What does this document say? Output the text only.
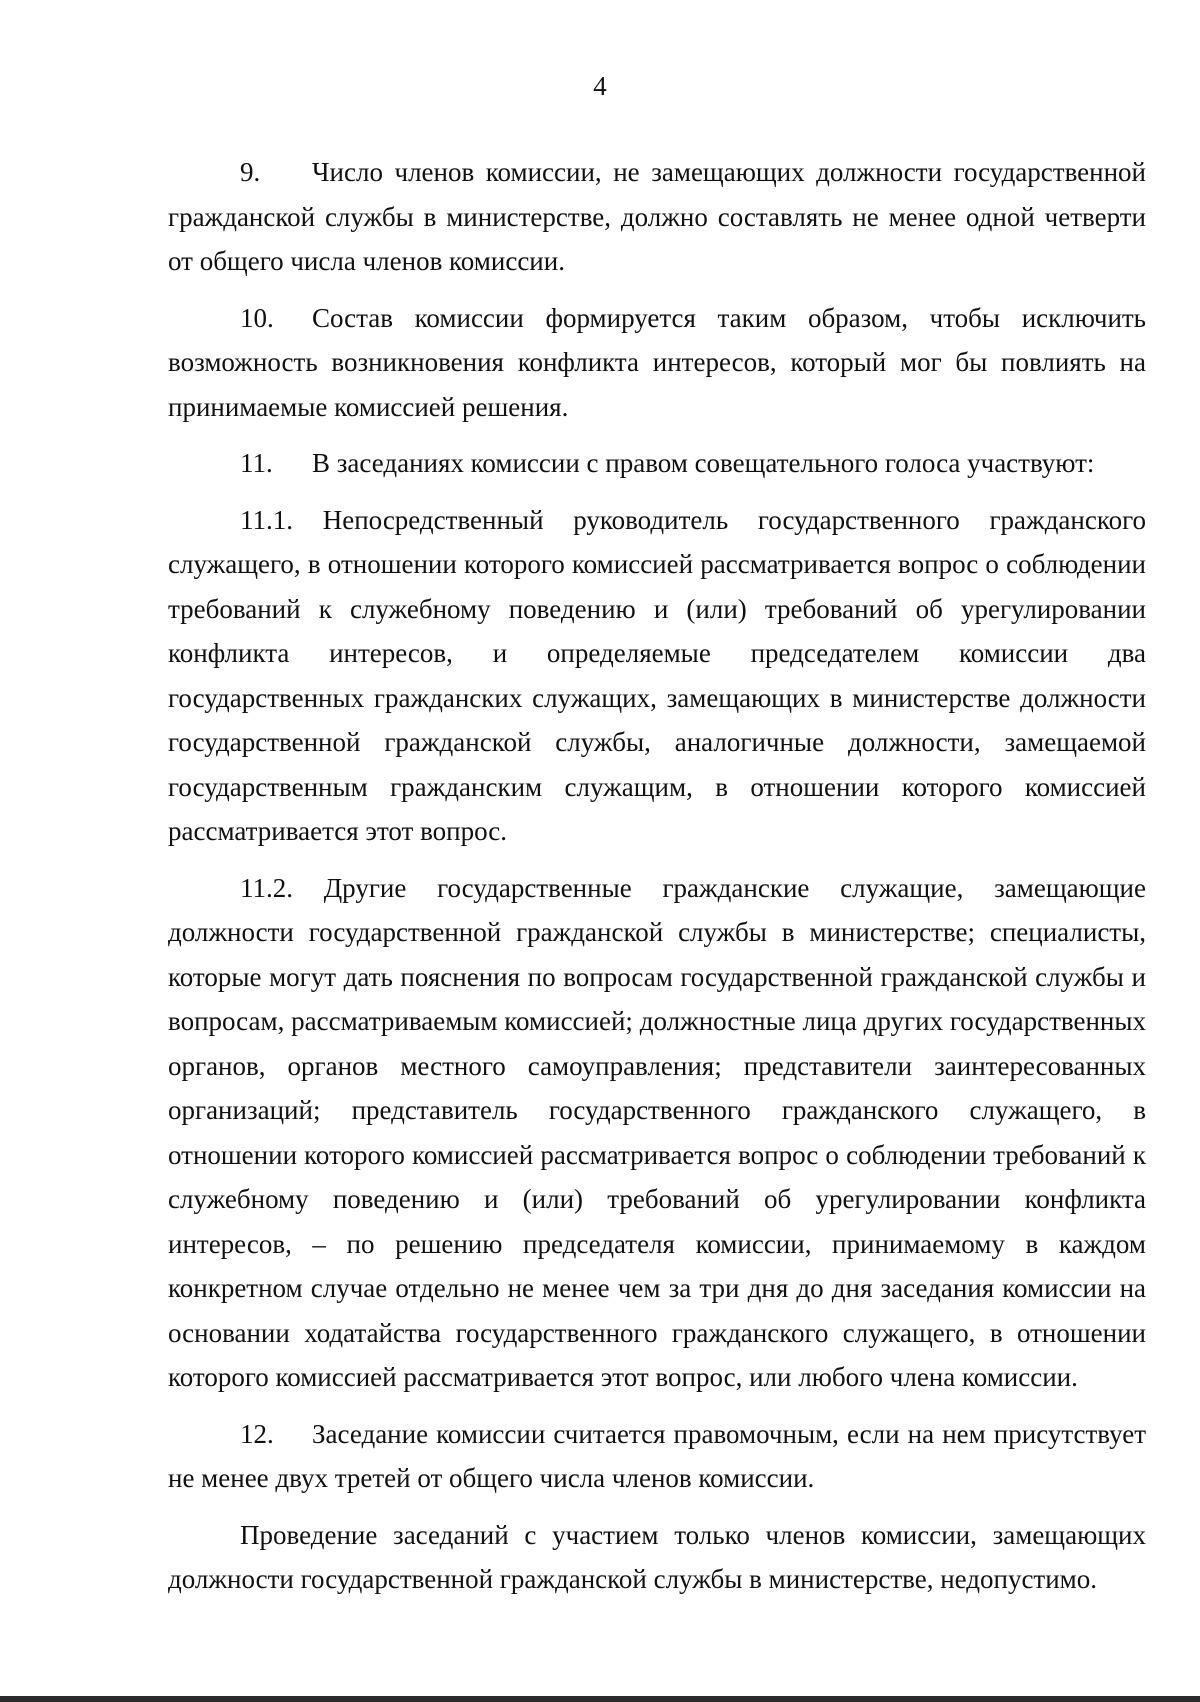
4

9. Число членов комиссии, не замещающих должности государственной гражданской службы в министерстве, должно составлять не менее одной четверти от общего числа членов комиссии.

10. Состав комиссии формируется таким образом, чтобы исключить возможность возникновения конфликта интересов, который мог бы повлиять на принимаемые комиссией решения.

11. В заседаниях комиссии с правом совещательного голоса участвуют:

11.1. Непосредственный руководитель государственного гражданского служащего, в отношении которого комиссией рассматривается вопрос о соблюдении требований к служебному поведению и (или) требований об урегулировании конфликта интересов, и определяемые председателем комиссии два государственных гражданских служащих, замещающих в министерстве должности государственной гражданской службы, аналогичные должности, замещаемой государственным гражданским служащим, в отношении которого комиссией рассматривается этот вопрос.

11.2. Другие государственные гражданские служащие, замещающие должности государственной гражданской службы в министерстве; специалисты, которые могут дать пояснения по вопросам государственной гражданской службы и вопросам, рассматриваемым комиссией; должностные лица других государственных органов, органов местного самоуправления; представители заинтересованных организаций; представитель государственного гражданского служащего, в отношении которого комиссией рассматривается вопрос о соблюдении требований к служебному поведению и (или) требований об урегулировании конфликта интересов, – по решению председателя комиссии, принимаемому в каждом конкретном случае отдельно не менее чем за три дня до дня заседания комиссии на основании ходатайства государственного гражданского служащего, в отношении которого комиссией рассматривается этот вопрос, или любого члена комиссии.

12. Заседание комиссии считается правомочным, если на нем присутствует не менее двух третей от общего числа членов комиссии.

Проведение заседаний с участием только членов комиссии, замещающих должности государственной гражданской службы в министерстве, недопустимо.
